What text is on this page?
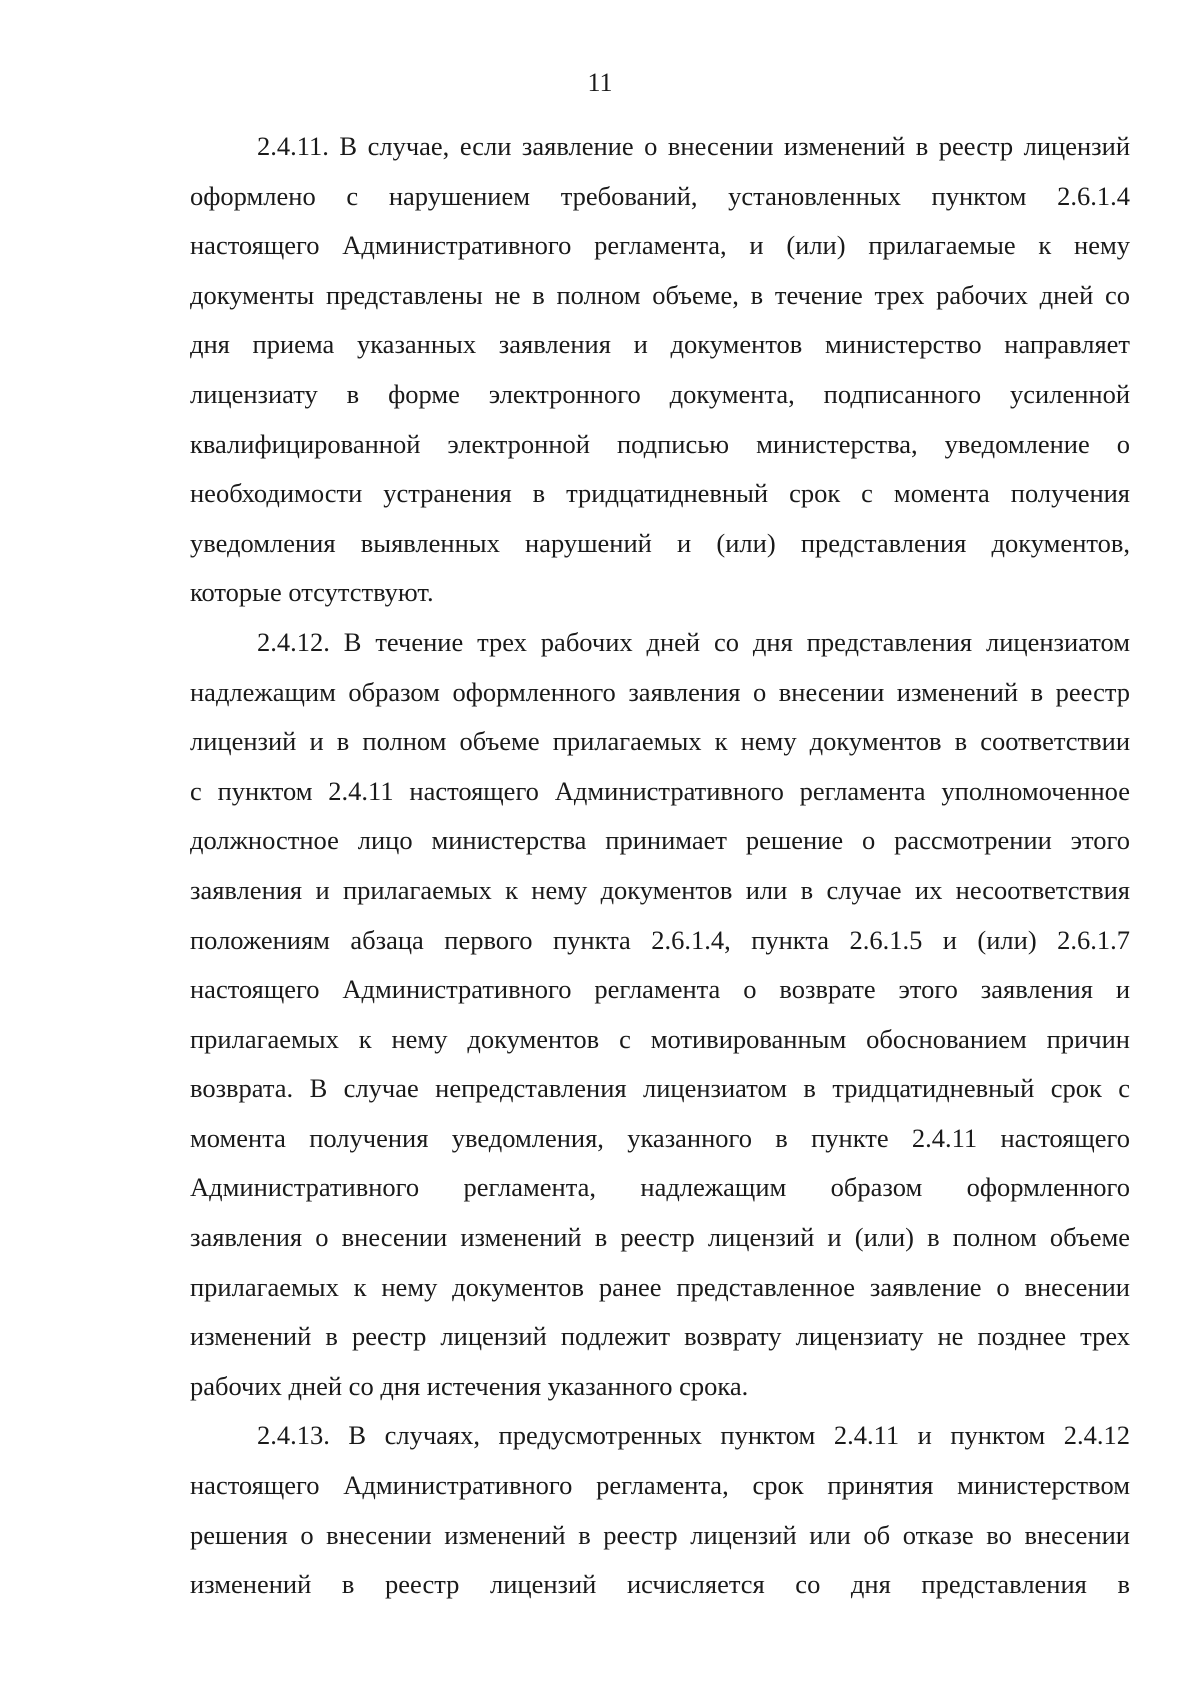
11
2.4.11. В случае, если заявление о внесении изменений в реестр лицензий
оформлено с нарушением требований, установленных пунктом 2.6.1.4
настоящего Административного регламента, и (или) прилагаемые к нему
документы представлены не в полном объеме, в течение трех рабочих дней со
дня приема указанных заявления и документов министерство направляет
лицензиату в форме электронного документа, подписанного усиленной
квалифицированной электронной подписью министерства, уведомление о
необходимости устранения в тридцатидневный срок с момента получения
уведомления выявленных нарушений и (или) представления документов,
которые отсутствуют.
2.4.12. В течение трех рабочих дней со дня представления лицензиатом
надлежащим образом оформленного заявления о внесении изменений в реестр
лицензий и в полном объеме прилагаемых к нему документов в соответствии
с пунктом 2.4.11 настоящего Административного регламента уполномоченное
должностное лицо министерства принимает решение о рассмотрении этого
заявления и прилагаемых к нему документов или в случае их несоответствия
положениям абзаца первого пункта 2.6.1.4, пункта 2.6.1.5 и (или) 2.6.1.7
настоящего Административного регламента о возврате этого заявления и
прилагаемых к нему документов с мотивированным обоснованием причин
возврата. В случае непредставления лицензиатом в тридцатидневный срок с
момента получения уведомления, указанного в пункте 2.4.11 настоящего
Административного регламента, надлежащим образом оформленного
заявления о внесении изменений в реестр лицензий и (или) в полном объеме
прилагаемых к нему документов ранее представленное заявление о внесении
изменений в реестр лицензий подлежит возврату лицензиату не позднее трех
рабочих дней со дня истечения указанного срока.
2.4.13. В случаях, предусмотренных пунктом 2.4.11 и пунктом 2.4.12
настоящего Административного регламента, срок принятия министерством
решения о внесении изменений в реестр лицензий или об отказе во внесении
изменений в реестр лицензий исчисляется со дня представления в
